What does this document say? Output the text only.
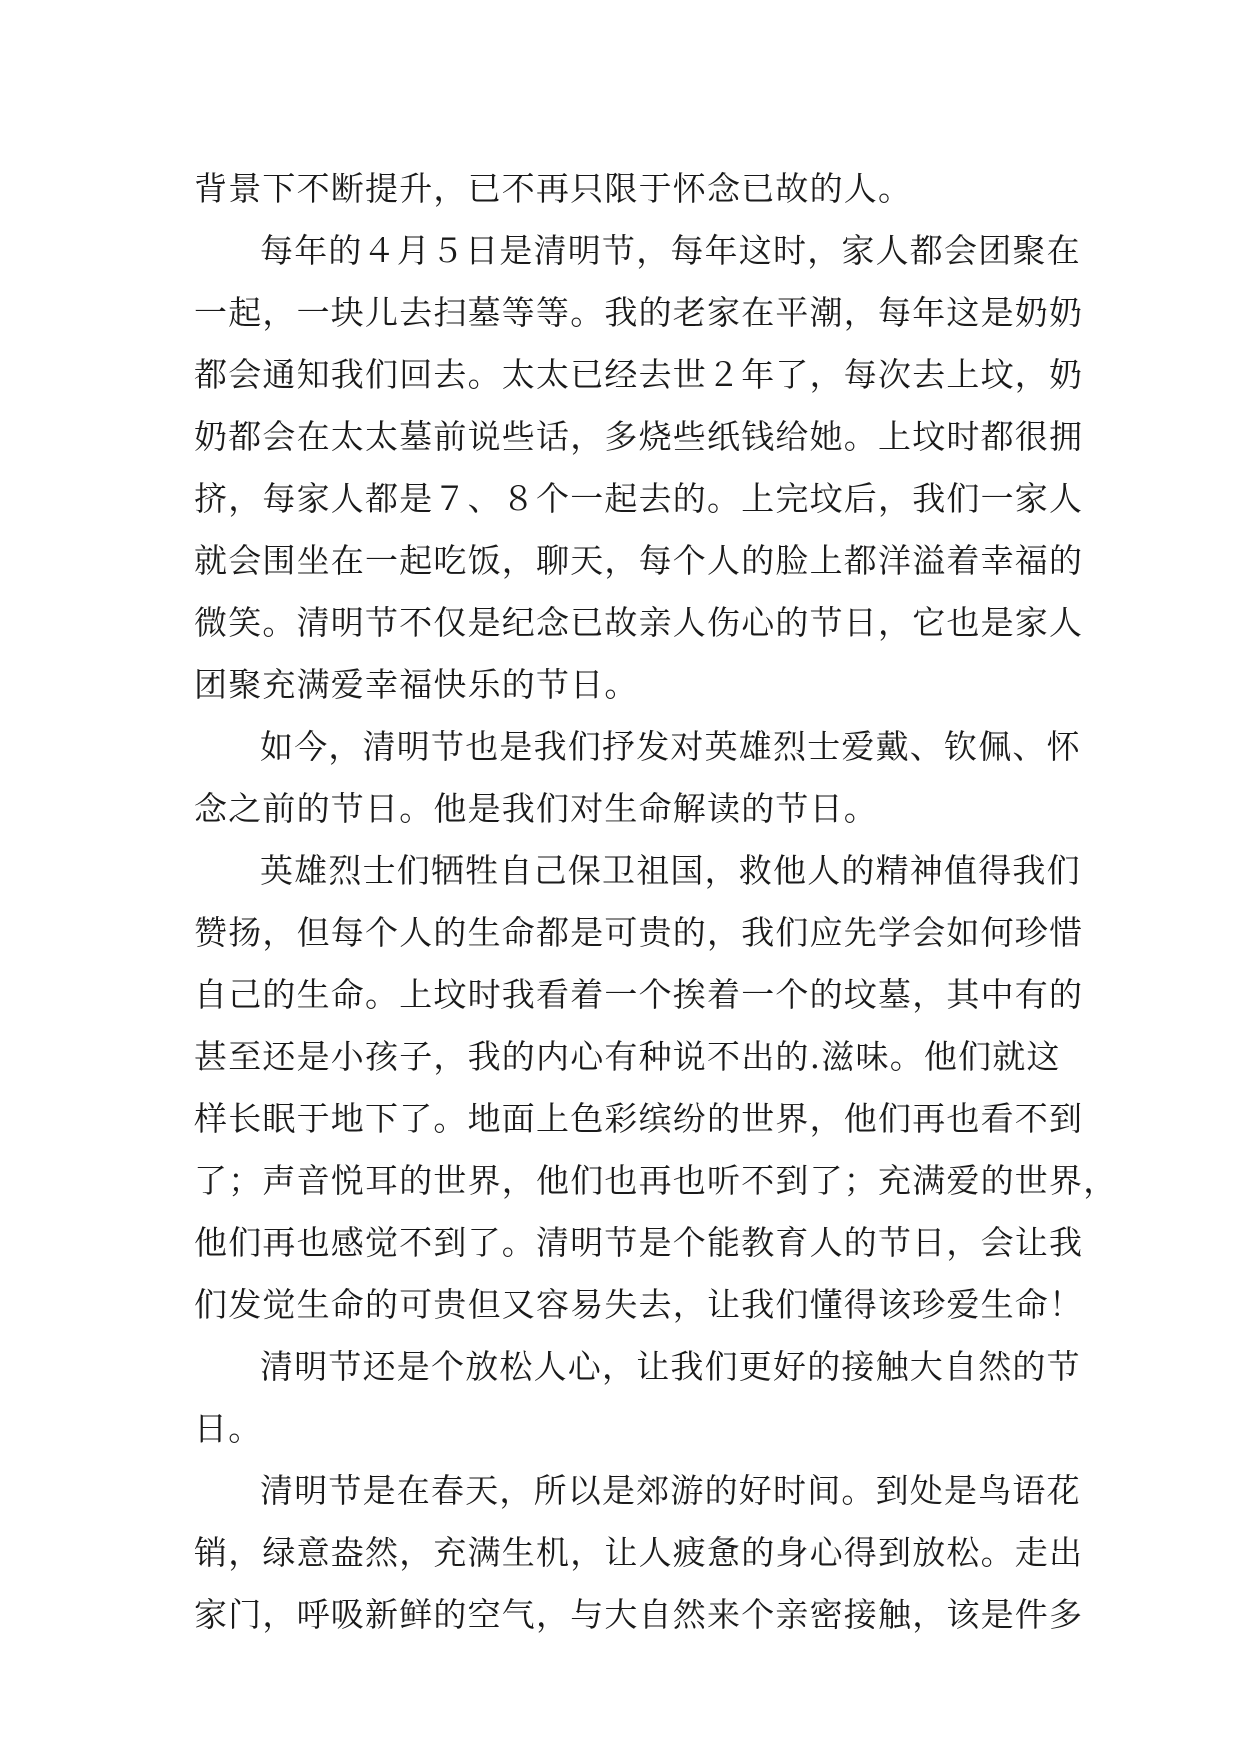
背景下不断提升，已不再只限于怀念已故的人。
每年的４月５日是清明节，每年这时，家人都会团聚在
一起，一块儿去扫墓等等。我的老家在平潮，每年这是奶奶
都会通知我们回去。太太已经去世２年了，每次去上坟，奶
奶都会在太太墓前说些话，多烧些纸钱给她。上坟时都很拥
挤，每家人都是７、８个一起去的。上完坟后，我们一家人
就会围坐在一起吃饭，聊天，每个人的脸上都洋溢着幸福的
微笑。清明节不仅是纪念已故亲人伤心的节日，它也是家人
团聚充满爱幸福快乐的节日。
如今，清明节也是我们抒发对英雄烈士爱戴、钦佩、怀
念之前的节日。他是我们对生命解读的节日。
英雄烈士们牺牲自己保卫祖国，救他人的精神值得我们
赞扬，但每个人的生命都是可贵的，我们应先学会如何珍惜
自己的生命。上坟时我看着一个挨着一个的坟墓，其中有的
甚至还是小孩子，我的内心有种说不出的.滋味。他们就这
样长眠于地下了。地面上色彩缤纷的世界，他们再也看不到
了；声音悦耳的世界，他们也再也听不到了；充满爱的世界，
他们再也感觉不到了。清明节是个能教育人的节日，会让我
们发觉生命的可贵但又容易失去，让我们懂得该珍爱生命！
清明节还是个放松人心，让我们更好的接触大自然的节
日。
清明节是在春天，所以是郊游的好时间。到处是鸟语花
销，绿意盎然，充满生机，让人疲惫的身心得到放松。走出
家门，呼吸新鲜的空气，与大自然来个亲密接触，该是件多
